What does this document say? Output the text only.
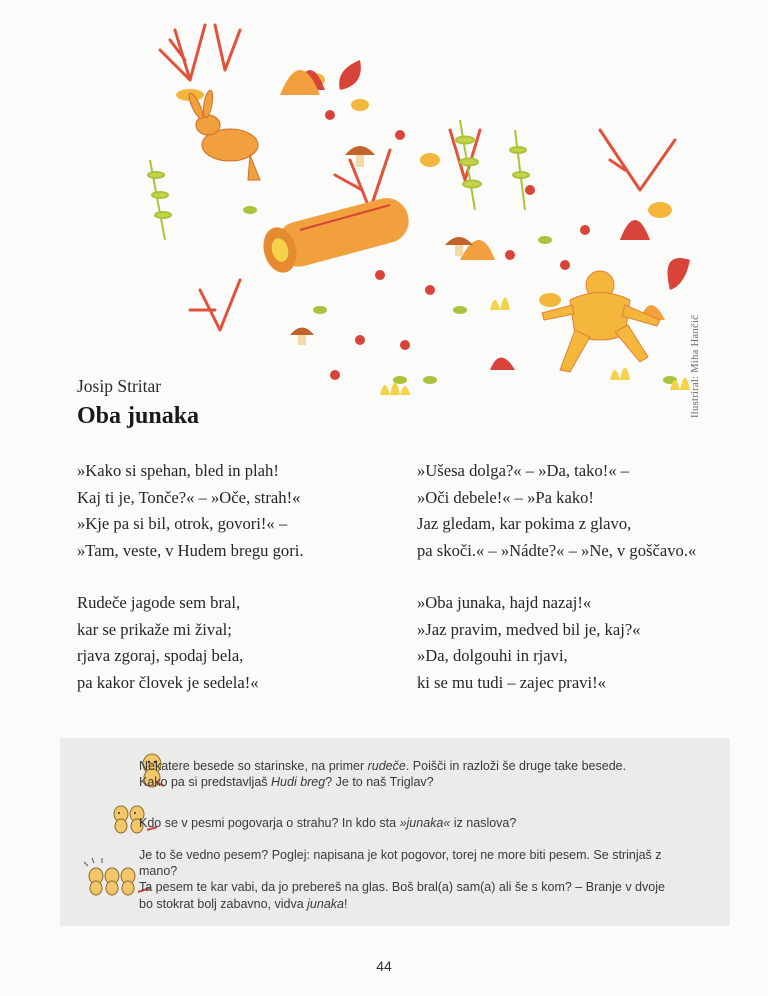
Ilustriral: Miha Hančič
Josip Stritar
Oba junaka
»Kako si spehan, bled in plah!
Kaj ti je, Tonče?« – »Oče, strah!«
»Kje pa si bil, otrok, govori!« –
»Tam, veste, v Hudem bregu gori.
»Ušesa dolga?« – »Da, tako!« –
»Oči debele!« – »Pa kako!
Jaz gledam, kar pokima z glavo,
pa skoči.« – »Nádte?« – »Ne, v goščavo.«
Rudeče jagode sem bral,
kar se prikaže mi žival;
rjava zgoraj, spodaj bela,
pa kakor človek je sedela!«
»Oba junaka, hajd nazaj!«
»Jaz pravim, medved bil je, kaj?«
»Da, dolgouhi in rjavi,
ki se mu tudi – zajec pravi!«
Nekatere besede so starinske, na primer rudeče. Poišči in razloži še druge take besede.
Kako pa si predstavljaš Hudi breg? Je to naš Triglav?
Kdo se v pesmi pogovarja o strahu? In kdo sta »junaka« iz naslova?
Je to še vedno pesem? Poglej: napisana je kot pogovor, torej ne more biti pesem. Se strinjaš z mano?
Ta pesem te kar vabi, da jo prebereš na glas. Boš bral(a) sam(a) ali še s kom? – Branje v dvoje bo stokrat bolj zabavno, vidva junaka!
44
